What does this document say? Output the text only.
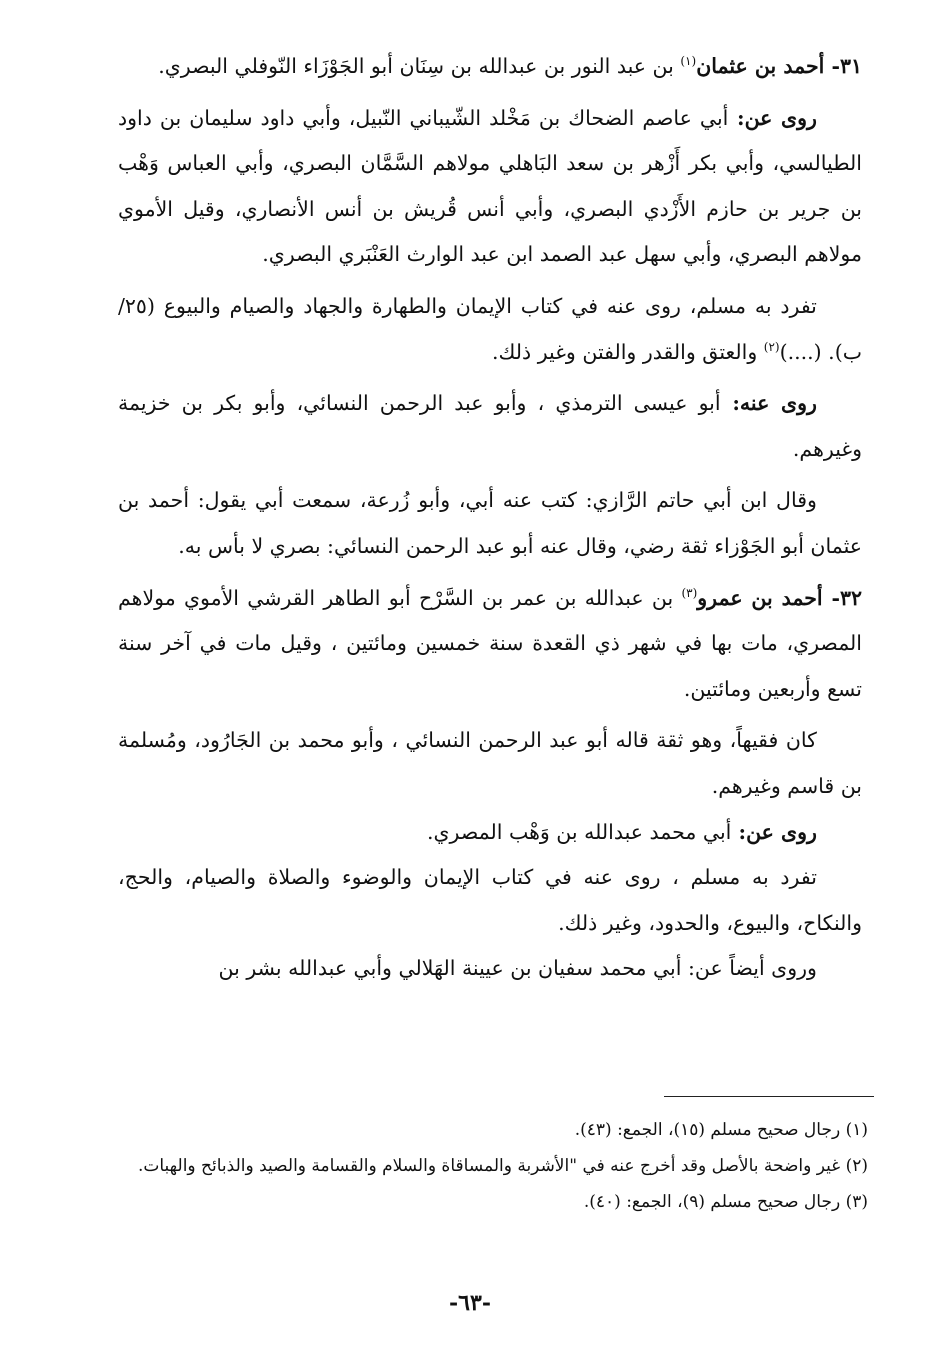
٣١- أحمد بن عثمان$^{(١)}$ بن عبد النور بن عبدالله بن سِنَان أبو الجَوْزَاء النّوفلي البصري.

روى عن: أبي عاصم الضحاك بن مَخْلد الشّيباني النّبيل، وأبي داود سليمان بن داود الطيالسي، وأبي بكر أَزْهر بن سعد البَاهلي مولاهم السَّمَّان البصري، وأبي العباس وَهْب بن جرير بن حازم الأَزْدي البصري، وأبي أنس قُريش بن أنس الأنصاري، وقيل الأموي مولاهم البصري، وأبي سهل عبد الصمد ابن عبد الوارث العَنْبَري البصري.

تفرد به مسلم، روى عنه في كتاب الإيمان والطهارة والجهاد والصيام والبيوع (٢٥/ ب). (....)$^{(٢)}$ والعتق والقدر والفتن وغير ذلك.

روى عنه: أبو عيسى الترمذي ، وأبو عبد الرحمن النسائي، وأبو بكر بن خزيمة وغيرهم.

وقال ابن أبي حاتم الرَّازي: كتب عنه أبي، وأبو زُرعة، سمعت أبي يقول: أحمد بن عثمان أبو الجَوْزاء ثقة رضي، وقال عنه أبو عبد الرحمن النسائي: بصري لا بأس به.

٣٢- أحمد بن عمرو$^{(٣)}$ بن عبدالله بن عمر بن السَّرْح أبو الطاهر القرشي الأموي مولاهم المصري، مات بها في شهر ذي القعدة سنة خمسين ومائتين ، وقيل مات في آخر سنة تسع وأربعين ومائتين.

كان فقيهاً، وهو ثقة قاله أبو عبد الرحمن النسائي ، وأبو محمد بن الجَارُود، ومُسلمة بن قاسم وغيرهم.

روى عن: أبي محمد عبدالله بن وَهْب المصري.

تفرد به مسلم ، روى عنه في كتاب الإيمان والوضوء والصلاة والصيام، والحج، والنكاح، والبيوع، والحدود، وغير ذلك.

وروى أيضاً عن: أبي محمد سفيان بن عيينة الهَلالي وأبي عبدالله بشر بن

(١) رجال صحيح مسلم (١٥)، الجمع: (٤٣).

(٢) غير واضحة بالأصل وقد أخرج عنه في "الأشربة والمساقاة والسلام والقسامة والصيد والذبائح والهبات.

(٣) رجال صحيح مسلم (٩)، الجمع: (٤٠).

-٦٣-
